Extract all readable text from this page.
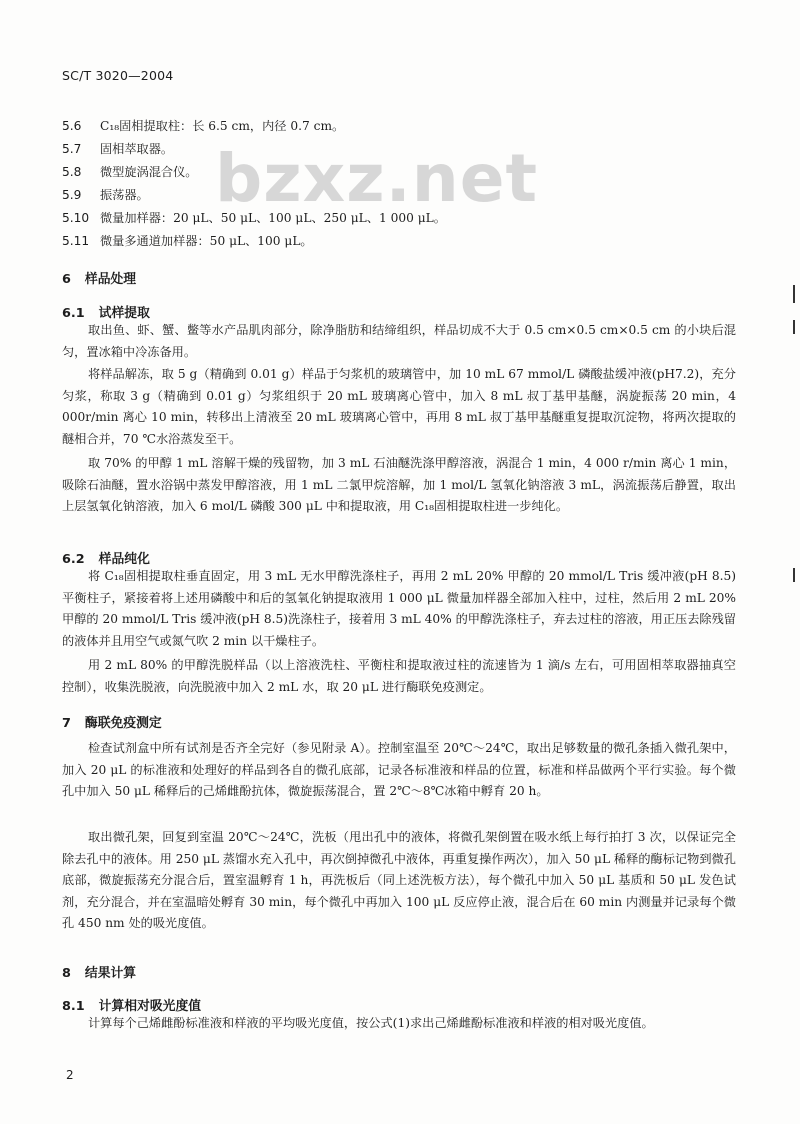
SC/T 3020—2004
bzxz.net
5.6 C₁₈固相提取柱：长 6.5 cm，内径 0.7 cm。
5.7 固相萃取器。
5.8 微型旋涡混合仪。
5.9 振荡器。
5.10 微量加样器：20 μL、50 μL、100 μL、250 μL、1 000 μL。
5.11 微量多通道加样器：50 μL、100 μL。
6 样品处理
6.1 试样提取

取出鱼、虾、蟹、鳖等水产品肌肉部分，除净脂肪和结缔组织，样品切成不大于 0.5 cm×0.5 cm×0.5 cm 的小块后混匀，置冰箱中冷冻备用。

将样品解冻，取 5 g（精确到 0.01 g）样品于匀浆机的玻璃管中，加 10 mL 67 mmol/L 磷酸盐缓冲液(pH7.2)，充分匀浆，称取 3 g（精确到 0.01 g）匀浆组织于 20 mL 玻璃离心管中，加入 8 mL 叔丁基甲基醚，涡旋振荡 20 min，4 000r/min 离心 10 min，转移出上清液至 20 mL 玻璃离心管中，再用 8 mL 叔丁基甲基醚重复提取沉淀物，将两次提取的醚相合并，70 ℃水浴蒸发至干。

取 70% 的甲醇 1 mL 溶解干燥的残留物，加 3 mL 石油醚洗涤甲醇溶液，涡混合 1 min，4 000 r/min 离心 1 min，吸除石油醚，置水浴锅中蒸发甲醇溶液，用 1 mL 二氯甲烷溶解，加 1 mol/L 氢氧化钠溶液 3 mL，涡流振荡后静置，取出上层氢氧化钠溶液，加入 6 mol/L 磷酸 300 μL 中和提取液，用 C₁₈固相提取柱进一步纯化。

6.2 样品纯化

将 C₁₈固相提取柱垂直固定，用 3 mL 无水甲醇洗涤柱子，再用 2 mL 20% 甲醇的 20 mmol/L Tris 缓冲液(pH 8.5)平衡柱子，紧接着将上述用磷酸中和后的氢氧化钠提取液用 1 000 μL 微量加样器全部加入柱中，过柱，然后用 2 mL 20% 甲醇的 20 mmol/L Tris 缓冲液(pH 8.5)洗涤柱子，接着用 3 mL 40% 的甲醇洗涤柱子，弃去过柱的溶液，用正压去除残留的液体并且用空气或氮气吹 2 min 以干燥柱子。

用 2 mL 80% 的甲醇洗脱样品（以上溶液洗柱、平衡柱和提取液过柱的流速皆为 1 滴/s 左右，可用固相萃取器抽真空控制），收集洗脱液，向洗脱液中加入 2 mL 水，取 20 μL 进行酶联免疫测定。

7 酶联免疫测定

检查试剂盒中所有试剂是否齐全完好（参见附录 A）。控制室温至 20℃～24℃，取出足够数量的微孔条插入微孔架中，加入 20 μL 的标准液和处理好的样品到各自的微孔底部，记录各标准液和样品的位置，标准和样品做两个平行实验。每个微孔中加入 50 μL 稀释后的己烯雌酚抗体，微旋振荡混合，置 2℃～8℃冰箱中孵育 20 h。

取出微孔架，回复到室温 20℃～24℃，洗板（甩出孔中的液体，将微孔架倒置在吸水纸上每行拍打 3 次，以保证完全除去孔中的液体。用 250 μL 蒸馏水充入孔中，再次倒掉微孔中液体，再重复操作两次），加入 50 μL 稀释的酶标记物到微孔底部，微旋振荡充分混合后，置室温孵育 1 h，再洗板后（同上述洗板方法），每个微孔中加入 50 μL 基质和 50 μL 发色试剂，充分混合，并在室温暗处孵育 30 min，每个微孔中再加入 100 μL 反应停止液，混合后在 60 min 内测量并记录每个微孔 450 nm 处的吸光度值。

8 结果计算
8.1 计算相对吸光度值

计算每个己烯雌酚标准液和样液的平均吸光度值，按公式(1)求出己烯雌酚标准液和样液的相对吸光度值。

2
